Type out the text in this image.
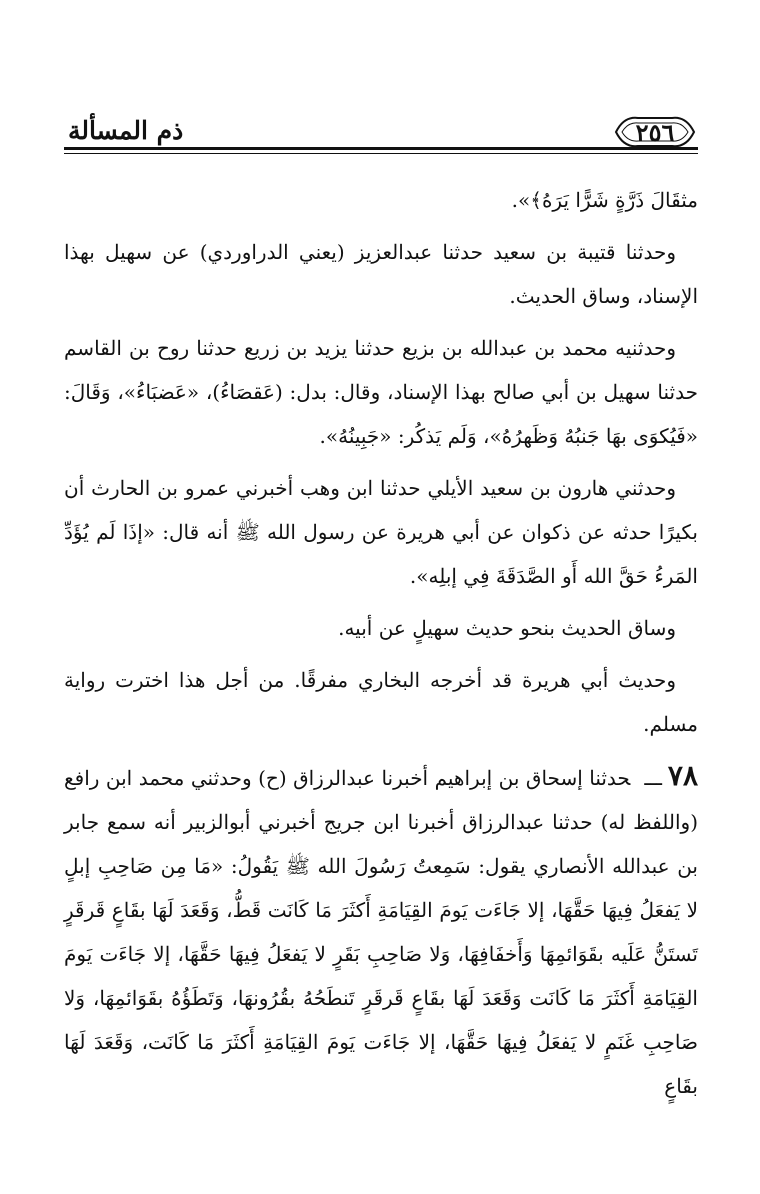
٢٥٦
ذم المسألة

مثقَالَ ذَرَّةٍ شَرًّا يَرَهُ﴾».

وحدثنا قتيبة بن سعيد حدثنا عبدالعزيز (يعني الدراوردي) عن سهيل بهذا الإسناد، وساق الحديث.

وحدثنيه محمد بن عبدالله بن بزيع حدثنا يزيد بن زريع حدثنا روح بن القاسم حدثنا سهيل بن أبي صالح بهذا الإسناد، وقال: بدل: (عَقصَاءُ)، «عَضبَاءُ»، وَقَالَ: «فَيُكوَى بهَا جَنبُهُ وَظَهرُهُ»، وَلَم يَذكُر: «جَبِينُهُ».

وحدثني هارون بن سعيد الأيلي حدثنا ابن وهب أخبرني عمرو بن الحارث أن بكيرًا حدثه عن ذكوان عن أبي هريرة عن رسول الله ﷺ أنه قال: «إذَا لَم يُؤَدِّ المَرءُ حَقَّ الله أَو الصَّدَقَةَ فِي إبلِه».

وساق الحديث بنحو حديث سهيلٍ عن أبيه.

وحديث أبي هريرة قد أخرجه البخاري مفرقًا. من أجل هذا اخترت رواية مسلم.

٧٨ـــحدثنا إسحاق بن إبراهيم أخبرنا عبدالرزاق (ح) وحدثني محمد ابن رافع (واللفظ له) حدثنا عبدالرزاق أخبرنا ابن جريج أخبرني أبوالزبير أنه سمع جابر بن عبدالله الأنصاري يقول: سَمِعتُ رَسُولَ الله ﷺ يَقُولُ: «مَا مِن صَاحِبِ إبلٍ لا يَفعَلُ فِيهَا حَقَّهَا، إلا جَاءَت يَومَ القِيَامَةِ أَكثَرَ مَا كَانَت قَطُّ، وَقَعَدَ لَهَا بقَاعٍ قَرقَرٍ تَستَنُّ عَلَيه بقَوَائمِهَا وَأَخفَافِهَا، وَلا صَاحِبِ بَقَرٍ لا يَفعَلُ فِيهَا حَقَّهَا، إلا جَاءَت يَومَ القِيَامَةِ أَكثَرَ مَا كَانَت وَقَعَدَ لَهَا بقَاعٍ قَرقَرٍ تَنطَحُهُ بقُرُونهَا، وَتَطَؤُهُ بقَوَائمِهَا، وَلا صَاحِبِ غَنَمٍ لا يَفعَلُ فِيهَا حَقَّهَا، إلا جَاءَت يَومَ القِيَامَةِ أَكثَرَ مَا كَانَت، وَقَعَدَ لَهَا بقَاعٍ
